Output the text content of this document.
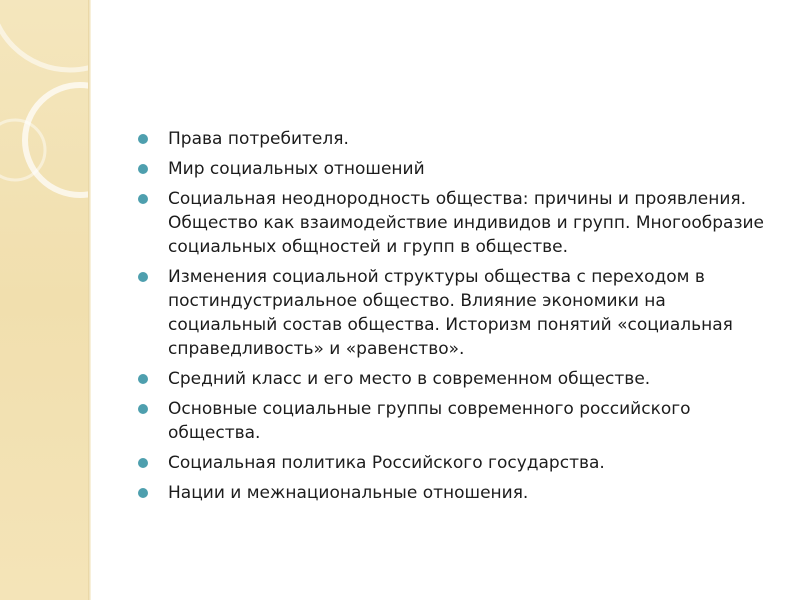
Права потребителя.
Мир социальных отношений
Социальная неоднородность общества: причины и проявления. Общество как взаимодействие индивидов и групп. Многообразие социальных общностей и групп в обществе.
Изменения социальной структуры общества с переходом в постиндустриальное общество. Влияние экономики на социальный состав общества. Историзм понятий «социальная справедливость» и «равенство».
Средний класс и его место в современном обществе.
Основные социальные группы современного российского общества.
Социальная политика Российского государства.
Нации и межнациональные отношения.
